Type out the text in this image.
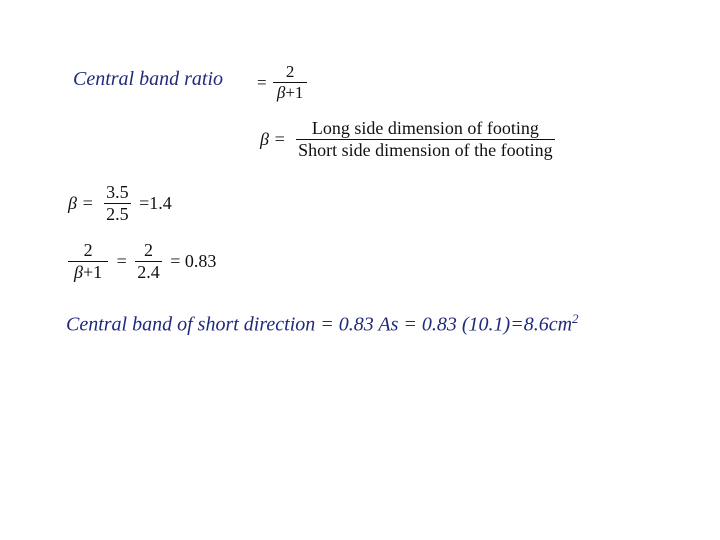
Central band ratio = $\frac{2}{\beta+1}$
$\beta = \frac{\text{Long side dimension of footing}}{\text{Short side dimension of the footing}}$
$\beta = \frac{3.5}{2.5} =1.4$
$\frac{2}{\beta+1} = \frac{2}{2.4} = 0.83$
Central band of short direction = 0.83 As = 0.83 $(10.1)=8.6cm^2$
